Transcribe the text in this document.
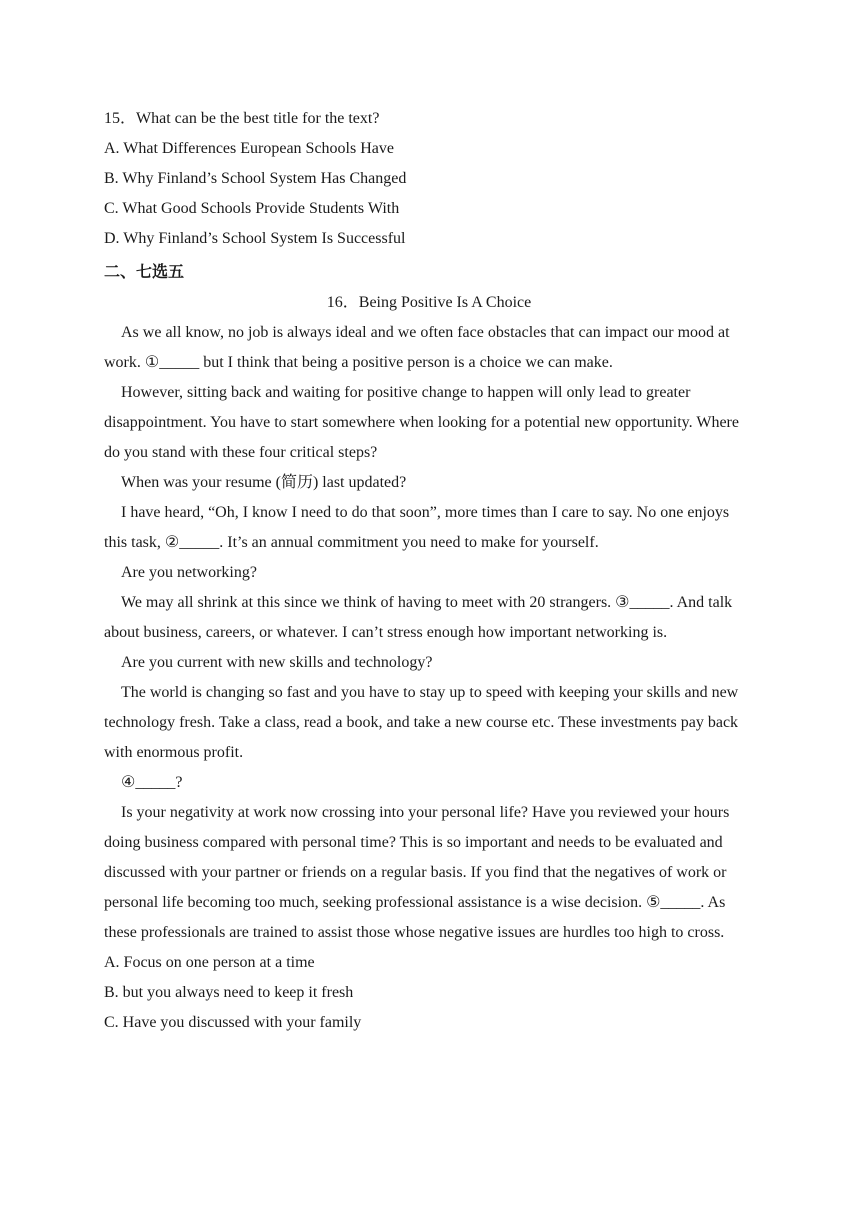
15．What can be the best title for the text?
A. What Differences European Schools Have
B. Why Finland’s School System Has Changed
C. What Good Schools Provide Students With
D. Why Finland’s School System Is Successful
二、七选五
16．Being Positive Is A Choice

As we all know, no job is always ideal and we often face obstacles that can impact our mood at work. ①_____ but I think that being a positive person is a choice we can make.

However, sitting back and waiting for positive change to happen will only lead to greater disappointment. You have to start somewhere when looking for a potential new opportunity. Where do you stand with these four critical steps?

When was your resume (简历) last updated?

I have heard, “Oh, I know I need to do that soon”, more times than I care to say. No one enjoys this task, ②_____. It’s an annual commitment you need to make for yourself.

Are you networking?

We may all shrink at this since we think of having to meet with 20 strangers. ③_____. And talk about business, careers, or whatever. I can’t stress enough how important networking is.

Are you current with new skills and technology?

The world is changing so fast and you have to stay up to speed with keeping your skills and new technology fresh. Take a class, read a book, and take a new course etc. These investments pay back with enormous profit.

④_____?

Is your negativity at work now crossing into your personal life? Have you reviewed your hours doing business compared with personal time? This is so important and needs to be evaluated and discussed with your partner or friends on a regular basis. If you find that the negatives of work or personal life becoming too much, seeking professional assistance is a wise decision. ⑤_____. As these professionals are trained to assist those whose negative issues are hurdles too high to cross.

A. Focus on one person at a time
B. but you always need to keep it fresh
C. Have you discussed with your family
